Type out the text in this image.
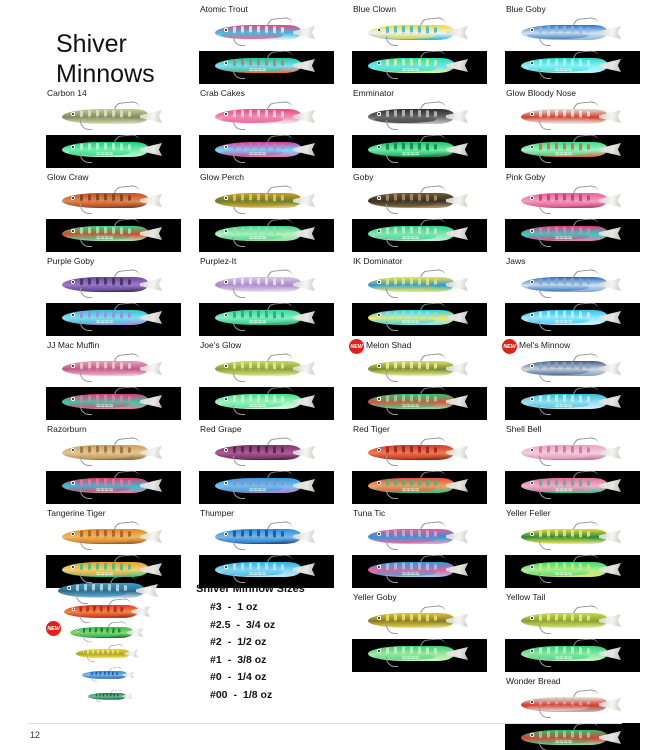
Shiver Minnows
Atomic Trout
≈≈≈≈
Blue Clown
≈≈≈≈
Blue Goby
≈≈≈≈
Carbon 14
≈≈≈≈
Crab Cakes
≈≈≈≈
Emminator
≈≈≈≈
Glow Bloody Nose
≈≈≈≈
Glow Craw
≈≈≈≈
Glow Perch
≈≈≈≈
Goby
≈≈≈≈
Pink Goby
≈≈≈≈
Purple Goby
≈≈≈≈
Purplez-It
≈≈≈≈
IK Dominator
≈≈≈≈
Jaws
≈≈≈≈
JJ Mac Muffin
≈≈≈≈
Joe's Glow
≈≈≈≈
NEW Melon Shad
≈≈≈≈
NEW Mel's Minnow
≈≈≈≈
Razorburn
≈≈≈≈
Red Grape
≈≈≈≈
Red Tiger
≈≈≈≈
Shell Bell
≈≈≈≈
Tangerine Tiger
≈≈≈≈
Thumper
≈≈≈≈
Tuna Tic
≈≈≈≈
Yeller Feller
≈≈≈≈
Yeller Goby
≈≈≈≈
Yellow Tail
≈≈≈≈
Wonder Bread
≈≈≈≈
NEW
Shiver Minnow Sizes
#3 - 1 oz
#2.5 - 3/4 oz
#2 - 1/2 oz
#1 - 3/8 oz
#0 - 1/4 oz
#00 - 1/8 oz
12
